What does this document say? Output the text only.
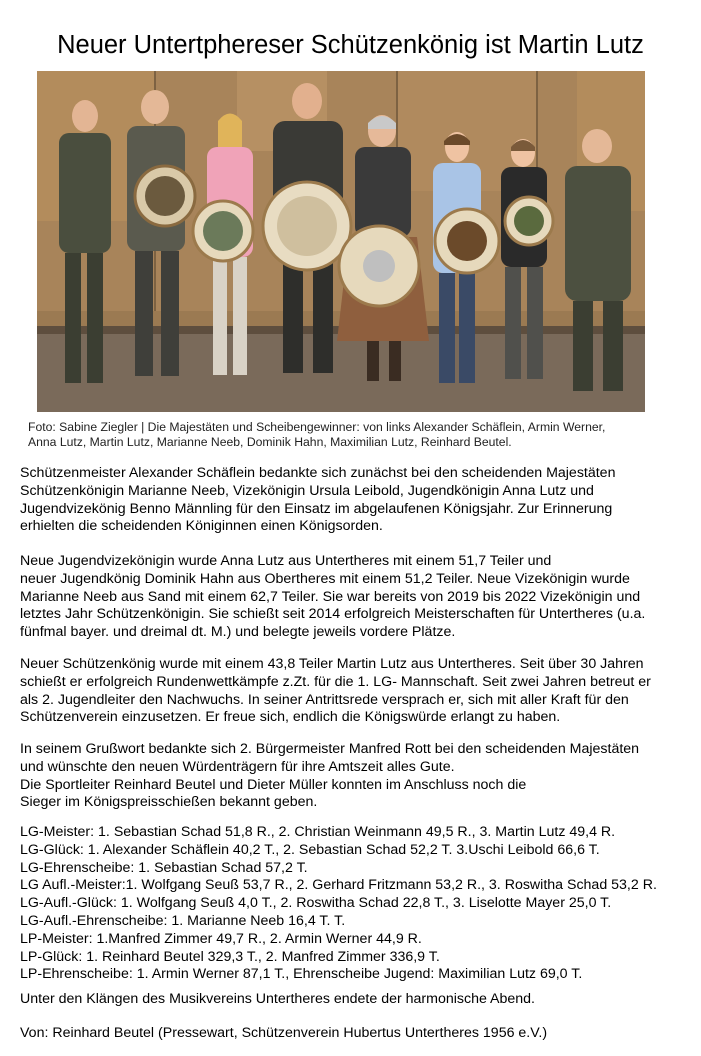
Neuer Untertphereser Schützenkönig ist Martin Lutz
Foto: Sabine Ziegler | Die Majestäten und Scheibengewinner: von links Alexander Schäflein, Armin Werner,
Anna Lutz, Martin Lutz, Marianne Neeb, Dominik Hahn, Maximilian Lutz, Reinhard Beutel.
Schützenmeister Alexander Schäflein bedankte sich zunächst bei den scheidenden Majestäten
Schützenkönigin Marianne Neeb, Vizekönigin Ursula Leibold, Jugendkönigin Anna Lutz und
Jugendvizekönig Benno Männling für den Einsatz im abgelaufenen Königsjahr. Zur Erinnerung
erhielten die scheidenden Königinnen einen Königsorden.
Neue Jugendvizekönigin wurde Anna Lutz aus Untertheres mit einem 51,7 Teiler und
neuer Jugendkönig Dominik Hahn aus Obertheres mit einem 51,2 Teiler. Neue Vizekönigin wurde
Marianne Neeb aus Sand mit einem 62,7 Teiler. Sie war bereits von 2019 bis 2022 Vizekönigin und
letztes Jahr Schützenkönigin. Sie schießt seit 2014 erfolgreich Meisterschaften für Untertheres (u.a.
fünfmal bayer. und dreimal dt. M.) und belegte jeweils vordere Plätze.
Neuer Schützenkönig wurde mit einem 43,8 Teiler Martin Lutz aus Untertheres. Seit über 30 Jahren
schießt er erfolgreich Rundenwettkämpfe z.Zt. für die 1. LG- Mannschaft. Seit zwei Jahren betreut er
als 2. Jugendleiter den Nachwuchs. In seiner Antrittsrede versprach er, sich mit aller Kraft für den
Schützenverein einzusetzen. Er freue sich, endlich die Königswürde erlangt zu haben.
In seinem Grußwort bedankte sich 2. Bürgermeister Manfred Rott bei den scheidenden Majestäten
und wünschte den neuen Würdenträgern für ihre Amtszeit alles Gute.
Die Sportleiter Reinhard Beutel und Dieter Müller konnten im Anschluss noch die
Sieger im Königspreisschießen bekannt geben.
LG-Meister: 1. Sebastian Schad 51,8 R., 2. Christian Weinmann 49,5 R., 3. Martin Lutz 49,4 R.
LG-Glück: 1. Alexander Schäflein 40,2 T., 2. Sebastian Schad 52,2 T. 3.Uschi Leibold 66,6 T.
LG-Ehrenscheibe: 1. Sebastian Schad 57,2 T.
LG Aufl.-Meister:1. Wolfgang Seuß 53,7 R., 2. Gerhard Fritzmann 53,2 R., 3. Roswitha Schad 53,2 R.
LG-Aufl.-Glück: 1. Wolfgang Seuß 4,0 T., 2. Roswitha Schad 22,8 T., 3. Liselotte Mayer 25,0 T.
LG-Aufl.-Ehrenscheibe: 1. Marianne Neeb 16,4 T. T.
LP-Meister: 1.Manfred Zimmer 49,7 R., 2. Armin Werner 44,9 R.
LP-Glück: 1. Reinhard Beutel 329,3 T., 2. Manfred Zimmer 336,9 T.
LP-Ehrenscheibe: 1. Armin Werner 87,1 T., Ehrenscheibe Jugend: Maximilian Lutz 69,0 T.
Unter den Klängen des Musikvereins Untertheres endete der harmonische Abend.
Von: Reinhard Beutel (Pressewart, Schützenverein Hubertus Untertheres 1956 e.V.)
